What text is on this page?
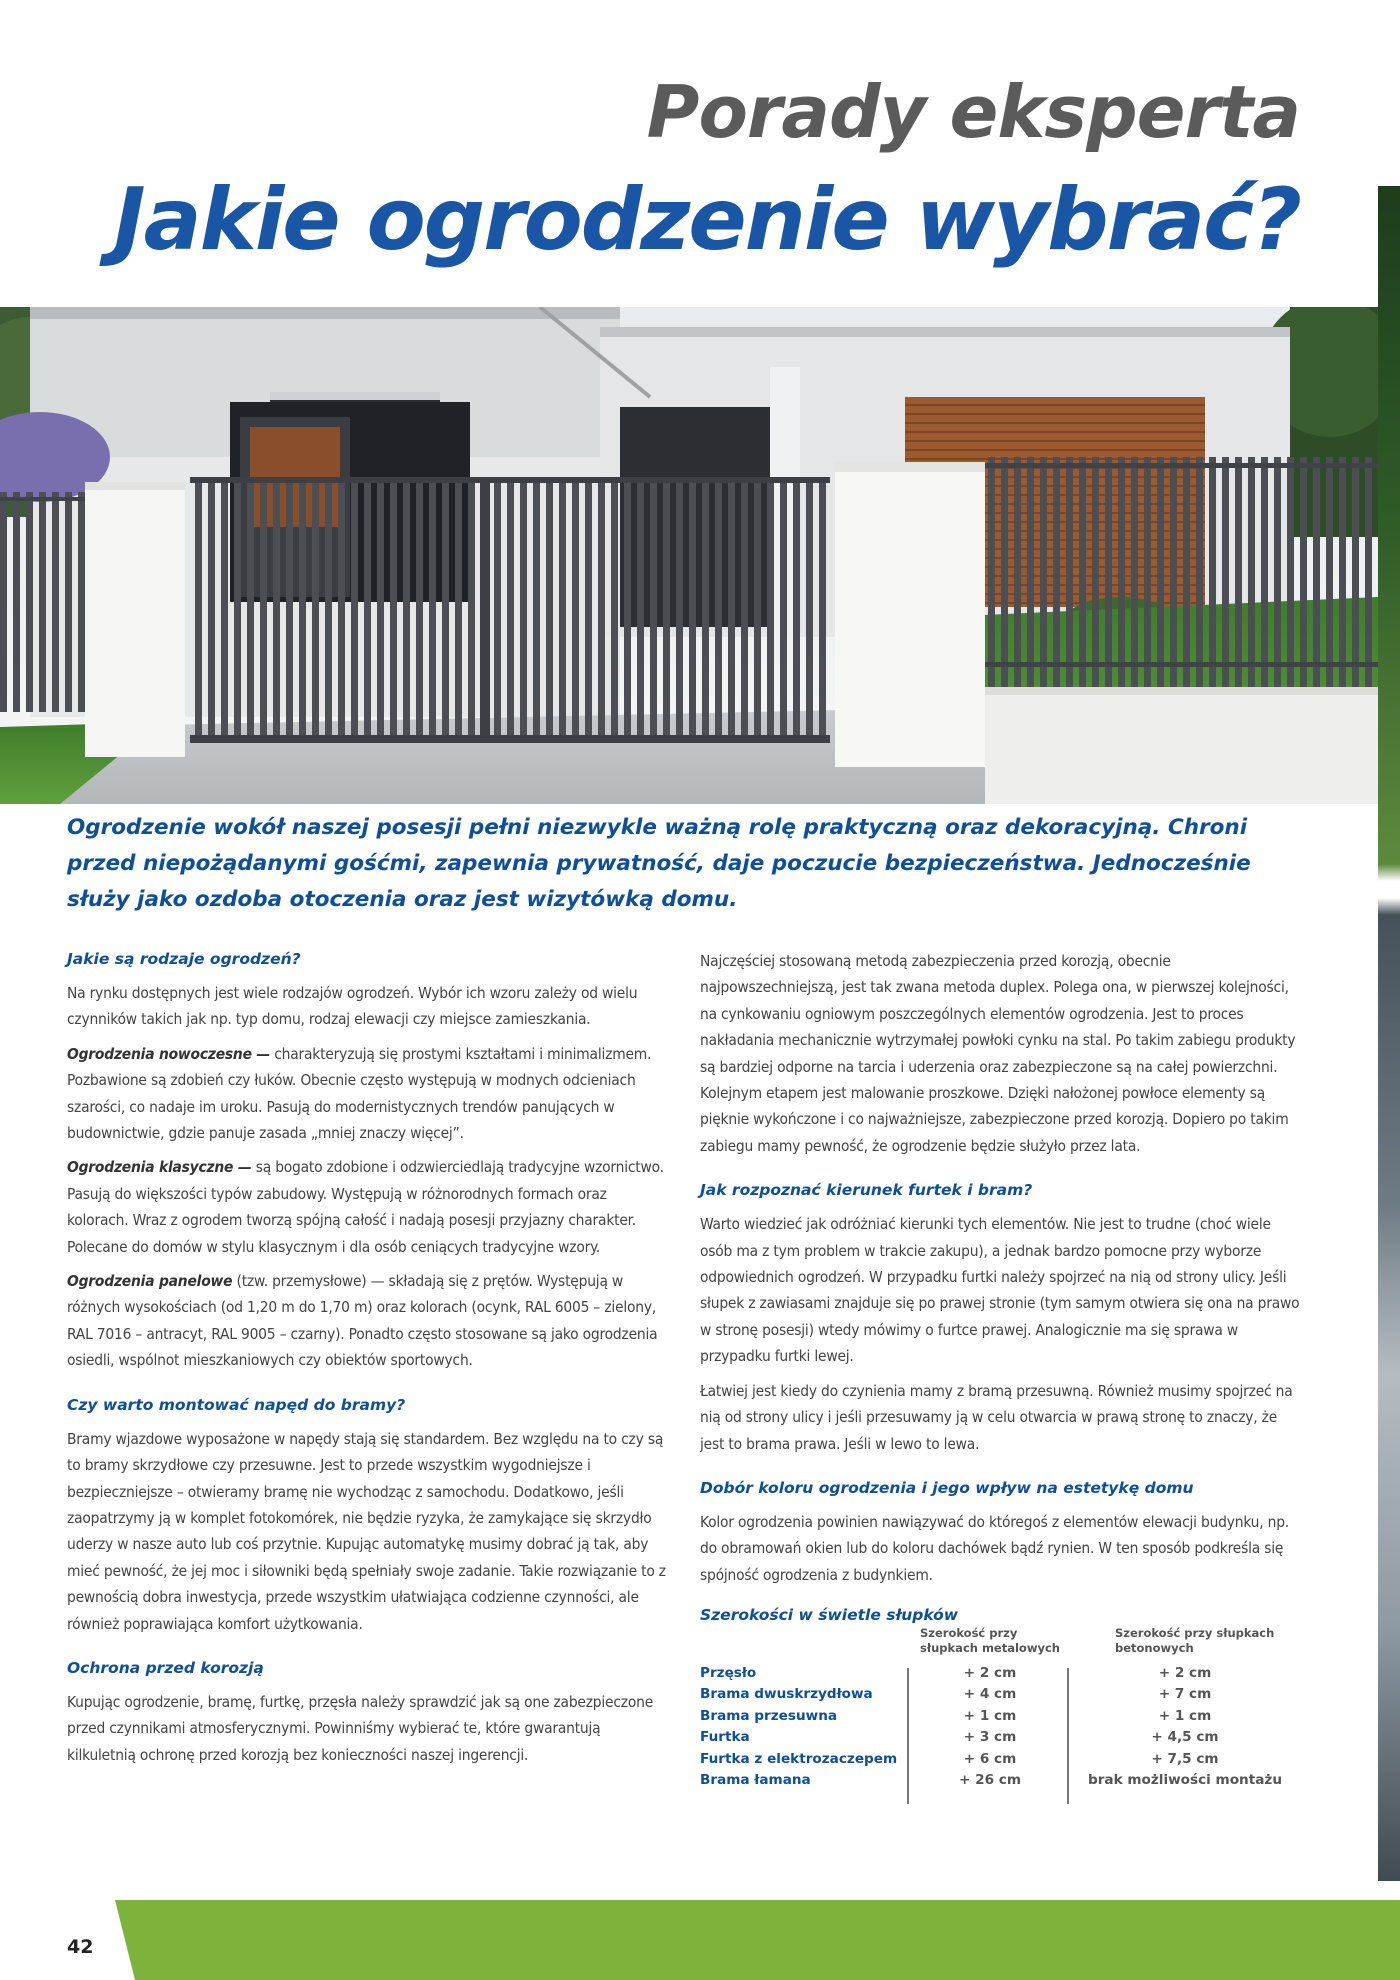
Porady eksperta
Jakie ogrodzenie wybrać?

Ogrodzenie wokół naszej posesji pełni niezwykle ważną rolę praktyczną oraz dekoracyjną. Chroni przed niepożądanymi gośćmi, zapewnia prywatność, daje poczucie bezpieczeństwa. Jednocześnie służy jako ozdoba otoczenia oraz jest wizytówką domu.

Jakie są rodzaje ogrodzeń?

Na rynku dostępnych jest wiele rodzajów ogrodzeń. Wybór ich wzoru zależy od wielu czynników takich jak np. typ domu, rodzaj elewacji czy miejsce zamieszkania.

Ogrodzenia nowoczesne — charakteryzują się prostymi kształtami i minimalizmem. Pozbawione są zdobień czy łuków. Obecnie często występują w modnych odcieniach szarości, co nadaje im uroku. Pasują do modernistycznych trendów panujących w budownictwie, gdzie panuje zasada „mniej znaczy więcej”.

Ogrodzenia klasyczne — są bogato zdobione i odzwierciedlają tradycyjne wzornictwo. Pasują do większości typów zabudowy. Występują w różnorodnych formach oraz kolorach. Wraz z ogrodem tworzą spójną całość i nadają posesji przyjazny charakter. Polecane do domów w stylu klasycznym i dla osób ceniących tradycyjne wzory.

Ogrodzenia panelowe (tzw. przemysłowe) — składają się z prętów. Występują w różnych wysokościach (od 1,20 m do 1,70 m) oraz kolorach (ocynk, RAL 6005 – zielony, RAL 7016 – antracyt, RAL 9005 – czarny). Ponadto często stosowane są jako ogrodzenia osiedli, wspólnot mieszkaniowych czy obiektów sportowych.

Czy warto montować napęd do bramy?

Bramy wjazdowe wyposażone w napędy stają się standardem. Bez względu na to czy są to bramy skrzydłowe czy przesuwne. Jest to przede wszystkim wygodniejsze i bezpieczniejsze – otwieramy bramę nie wychodząc z samochodu. Dodatkowo, jeśli zaopatrzymy ją w komplet fotokomórek, nie będzie ryzyka, że zamykające się skrzydło uderzy w nasze auto lub coś przytnie. Kupując automatykę musimy dobrać ją tak, aby mieć pewność, że jej moc i siłowniki będą spełniały swoje zadanie. Takie rozwiązanie to z pewnością dobra inwestycja, przede wszystkim ułatwiająca codzienne czynności, ale również poprawiająca komfort użytkowania.

Ochrona przed korozją

Kupując ogrodzenie, bramę, furtkę, przęsła należy sprawdzić jak są one zabezpieczone przed czynnikami atmosferycznymi. Powinniśmy wybierać te, które gwarantują kilkuletnią ochronę przed korozją bez konieczności naszej ingerencji.

Najczęściej stosowaną metodą zabezpieczenia przed korozją, obecnie najpowszechniejszą, jest tak zwana metoda duplex. Polega ona, w pierwszej kolejności, na cynkowaniu ogniowym poszczególnych elementów ogrodzenia. Jest to proces nakładania mechanicznie wytrzymałej powłoki cynku na stal. Po takim zabiegu produkty są bardziej odporne na tarcia i uderzenia oraz zabezpieczone są na całej powierzchni. Kolejnym etapem jest malowanie proszkowe. Dzięki nałożonej powłoce elementy są pięknie wykończone i co najważniejsze, zabezpieczone przed korozją. Dopiero po takim zabiegu mamy pewność, że ogrodzenie będzie służyło przez lata.

Jak rozpoznać kierunek furtek i bram?

Warto wiedzieć jak odróżniać kierunki tych elementów. Nie jest to trudne (choć wiele osób ma z tym problem w trakcie zakupu), a jednak bardzo pomocne przy wyborze odpowiednich ogrodzeń. W przypadku furtki należy spojrzeć na nią od strony ulicy. Jeśli słupek z zawiasami znajduje się po prawej stronie (tym samym otwiera się ona na prawo w stronę posesji) wtedy mówimy o furtce prawej. Analogicznie ma się sprawa w przypadku furtki lewej.

Łatwiej jest kiedy do czynienia mamy z bramą przesuwną. Również musimy spojrzeć na nią od strony ulicy i jeśli przesuwamy ją w celu otwarcia w prawą stronę to znaczy, że jest to brama prawa. Jeśli w lewo to lewa.

Dobór koloru ogrodzenia i jego wpływ na estetykę domu

Kolor ogrodzenia powinien nawiązywać do któregoś z elementów elewacji budynku, np. do obramowań okien lub do koloru dachówek bądź rynien. W ten sposób podkreśla się spójność ogrodzenia z budynkiem.

Szerokości w świetle słupków
Szerokość przy słupkach metalowych
Szerokość przy słupkach betonowych
Przęsło	+ 2 cm	+ 2 cm
Brama dwuskrzydłowa	+ 4 cm	+ 7 cm
Brama przesuwna	+ 1 cm	+ 1 cm
Furtka	+ 3 cm	+ 4,5 cm
Furtka z elektrozaczepem	+ 6 cm	+ 7,5 cm
Brama łamana	+ 26 cm	brak możliwości montażu
42
